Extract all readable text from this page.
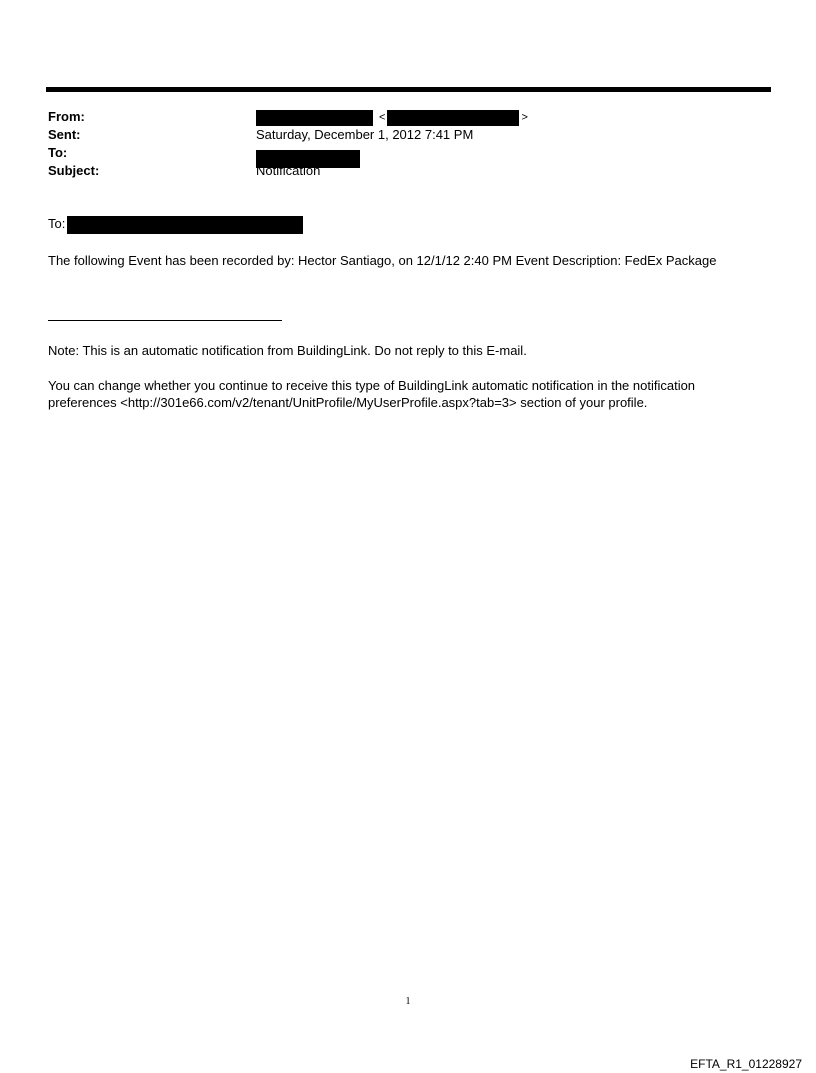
From:	<	>
Sent:	Saturday, December 1, 2012 7:41 PM
To:
Subject:	Notification
To:
The following Event has been recorded by: Hector Santiago, on 12/1/12 2:40 PM Event Description: FedEx Package
Note: This is an automatic notification from BuildingLink. Do not reply to this E-mail.
You can change whether you continue to receive this type of BuildingLink automatic notification in the notification preferences <http://301e66.com/v2/tenant/UnitProfile/MyUserProfile.aspx?tab=3> section of your profile.
1
EFTA_R1_01228927
